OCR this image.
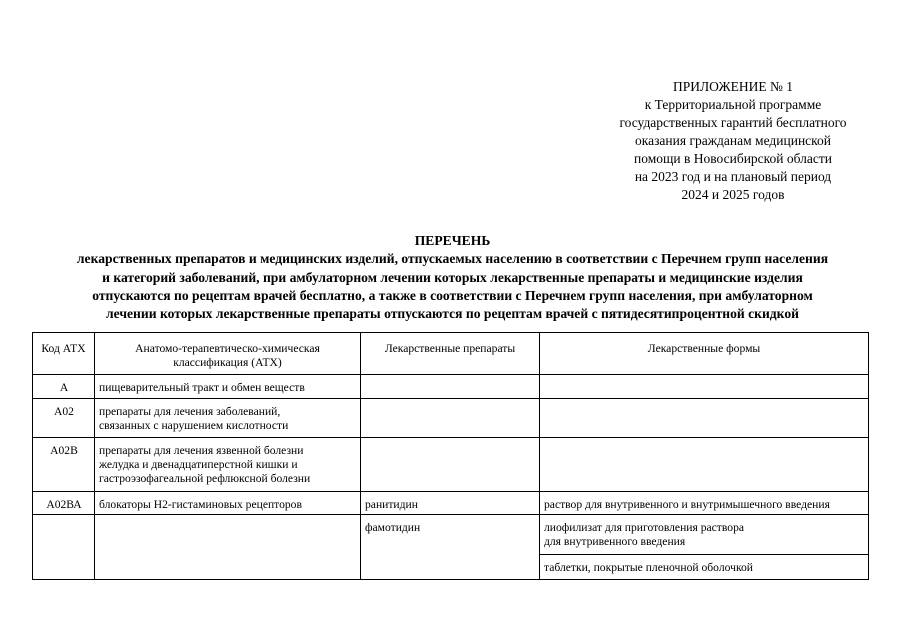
ПРИЛОЖЕНИЕ № 1
к Территориальной программе
государственных гарантий бесплатного
оказания гражданам медицинской
помощи в Новосибирской области
на 2023 год и на плановый период
2024 и 2025 годов
ПЕРЕЧЕНЬ
лекарственных препаратов и медицинских изделий, отпускаемых населению в соответствии с Перечнем групп населения
и категорий заболеваний, при амбулаторном лечении которых лекарственные препараты и медицинские изделия
отпускаются по рецептам врачей бесплатно, а также в соответствии с Перечнем групп населения, при амбулаторном
лечении которых лекарственные препараты отпускаются по рецептам врачей с пятидесятипроцентной скидкой
Код АТХ	Анатомо-терапевтическо-химическая
классификация (АТХ)	Лекарственные препараты	Лекарственные формы

А	пищеварительный тракт и обмен веществ		

А02	препараты для лечения заболеваний,
связанных с нарушением кислотности		

А02В	препараты для лечения язвенной болезни
желудка и двенадцатиперстной кишки и
гастроэзофагеальной рефлюксной болезни		

А02ВА	блокаторы Н2-гистаминовых рецепторов	ранитидин	раствор для внутривенного и внутримышечного введения

		фамотидин	лиофилизат для приготовления раствора
для внутривенного введения

			таблетки, покрытые пленочной оболочкой
